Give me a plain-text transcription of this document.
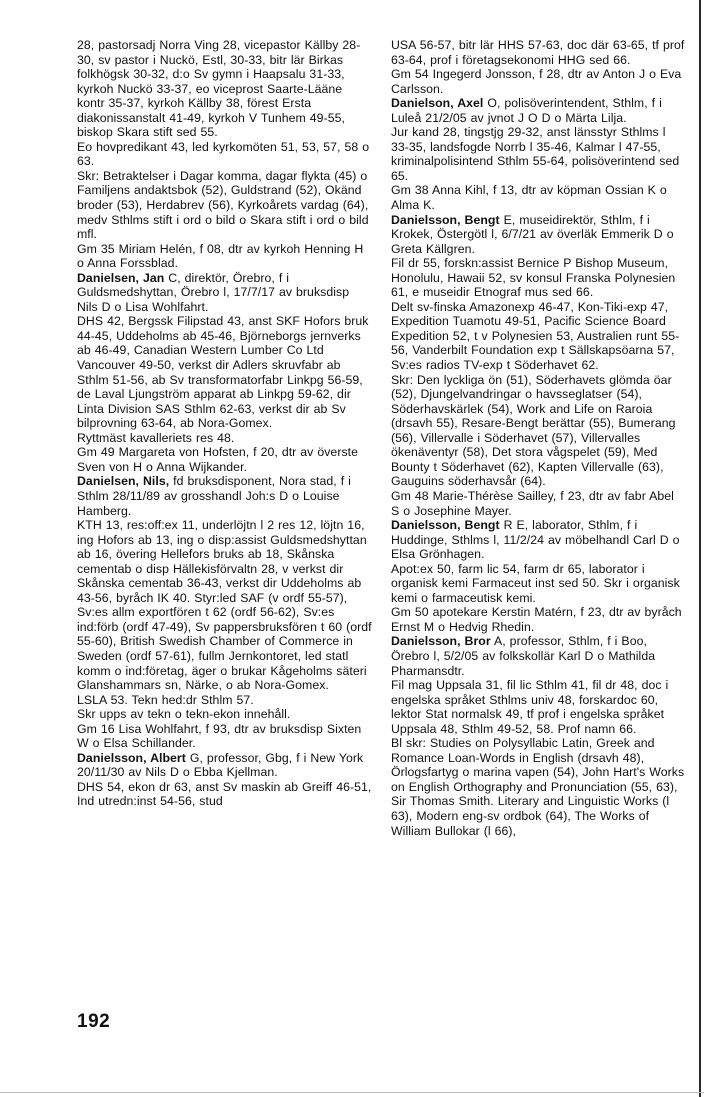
28, pastorsadj Norra Ving 28, vicepastor Källby 28-30, sv pastor i Nuckö, Estl, 30-33, bitr lär Birkas folkhögsk 30-32, d:o Sv gymn i Haapsalu 31-33, kyrkoh Nuckö 33-37, eo viceprost Saarte-Lääne kontr 35-37, kyrkoh Källby 38, förest Ersta diakonissanstalt 41-49, kyrkoh V Tunhem 49-55, biskop Skara stift sed 55.

Eo hovpredikant 43, led kyrkomöten 51, 53, 57, 58 o 63.

Skr: Betraktelser i Dagar komma, dagar flykta (45) o Familjens andaktsbok (52), Guldstrand (52), Okänd broder (53), Herdabrev (56), Kyrkoårets vardag (64), medv Sthlms stift i ord o bild o Skara stift i ord o bild mfl.

Gm 35 Miriam Helén, f 08, dtr av kyrkoh Henning H o Anna Forssblad.

Danielsen, Jan C, direktör, Örebro, f i Guldsmedshyttan, Örebro l, 17/7/17 av bruksdisp Nils D o Lisa Wohlfahrt.

DHS 42, Bergssk Filipstad 43, anst SKF Hofors bruk 44-45, Uddeholms ab 45-46, Björneborgs jernverks ab 46-49, Canadian Western Lumber Co Ltd Vancouver 49-50, verkst dir Adlers skruvfabr ab Sthlm 51-56, ab Sv transformatorfabr Linkpg 56-59, de Laval Ljungström apparat ab Linkpg 59-62, dir Linta Division SAS Sthlm 62-63, verkst dir ab Sv bilprovning 63-64, ab Nora-Gomex.

Ryttmäst kavalleriets res 48.

Gm 49 Margareta von Hofsten, f 20, dtr av överste Sven von H o Anna Wijkander.

Danielsen, Nils, fd bruksdisponent, Nora stad, f i Sthlm 28/11/89 av grosshandl Joh:s D o Louise Hamberg.

KTH 13, res:off:ex 11, underlöjtn l 2 res 12, löjtn 16, ing Hofors ab 13, ing o disp:assist Guldsmedshyttan ab 16, övering Hellefors bruks ab 18, Skånska cementab o disp Hällekisförvaltn 28, v verkst dir Skånska cementab 36-43, verkst dir Uddeholms ab 43-56, byråch IK 40. Styr:led SAF (v ordf 55-57), Sv:es allm exportfören t 62 (ordf 56-62), Sv:es ind:förb (ordf 47-49), Sv pappersbruksfören t 60 (ordf 55-60), British Swedish Chamber of Commerce in Sweden (ordf 57-61), fullm Jernkontoret, led statl komm o ind:företag, äger o brukar Kågeholms säteri Glanshammars sn, Närke, o ab Nora-Gomex.

LSLA 53. Tekn hed:dr Sthlm 57.

Skr upps av tekn o tekn-ekon innehåll.

Gm 16 Lisa Wohlfahrt, f 93, dtr av bruksdisp Sixten W o Elsa Schillander.

Danielsson, Albert G, professor, Gbg, f i New York 20/11/30 av Nils D o Ebba Kjellman.

DHS 54, ekon dr 63, anst Sv maskin ab Greiff 46-51, Ind utredn:inst 54-56, stud

USA 56-57, bitr lär HHS 57-63, doc där 63-65, tf prof 63-64, prof i företagsekonomi HHG sed 66.

Gm 54 Ingegerd Jonsson, f 28, dtr av Anton J o Eva Carlsson.

Danielson, Axel O, polisöverintendent, Sthlm, f i Luleå 21/2/05 av jvnot J O D o Märta Lilja.

Jur kand 28, tingstjg 29-32, anst länsstyr Sthlms l 33-35, landsfogde Norrb l 35-46, Kalmar l 47-55, kriminalpolisintend Sthlm 55-64, polisöverintend sed 65.

Gm 38 Anna Kihl, f 13, dtr av köpman Ossian K o Alma K.

Danielsson, Bengt E, museidirektör, Sthlm, f i Krokek, Östergötl l, 6/7/21 av överläk Emmerik D o Greta Källgren.

Fil dr 55, forskn:assist Bernice P Bishop Museum, Honolulu, Hawaii 52, sv konsul Franska Polynesien 61, e museidir Etnograf mus sed 66.

Delt sv-finska Amazonexp 46-47, Kon-Tiki-exp 47, Expedition Tuamotu 49-51, Pacific Science Board Expedition 52, t v Polynesien 53, Australien runt 55-56, Vanderbilt Foundation exp t Sällskapsöarna 57, Sv:es radios TV-exp t Söderhavet 62.

Skr: Den lyckliga ön (51), Söderhavets glömda öar (52), Djungelvandringar o havsseglatser (54), Söderhavskärlek (54), Work and Life on Raroia (drsavh 55), Resare-Bengt berättar (55), Bumerang (56), Villervalle i Söderhavet (57), Villervalles ökenäventyr (58), Det stora vågspelet (59), Med Bounty t Söderhavet (62), Kapten Villervalle (63), Gauguins söderhavsår (64).

Gm 48 Marie-Thérèse Sailley, f 23, dtr av fabr Abel S o Josephine Mayer.

Danielsson, Bengt R E, laborator, Sthlm, f i Huddinge, Sthlms l, 11/2/24 av möbelhandl Carl D o Elsa Grönhagen.

Apot:ex 50, farm lic 54, farm dr 65, laborator i organisk kemi Farmaceut inst sed 50. Skr i organisk kemi o farmaceutisk kemi.

Gm 50 apotekare Kerstin Matérn, f 23, dtr av byråch Ernst M o Hedvig Rhedin.

Danielsson, Bror A, professor, Sthlm, f i Boo, Örebro l, 5/2/05 av folkskollär Karl D o Mathilda Pharmansdtr.

Fil mag Uppsala 31, fil lic Sthlm 41, fil dr 48, doc i engelska språket Sthlms univ 48, forskardoc 60, lektor Stat normalsk 49, tf prof i engelska språket Uppsala 48, Sthlm 49-52, 58. Prof namn 66.

Bl skr: Studies on Polysyllabic Latin, Greek and Romance Loan-Words in English (drsavh 48), Örlogsfartyg o marina vapen (54), John Hart's Works on English Orthography and Pronunciation (55, 63), Sir Thomas Smith. Literary and Linguistic Works (l 63), Modern eng-sv ordbok (64), The Works of William Bullokar (l 66),

192
